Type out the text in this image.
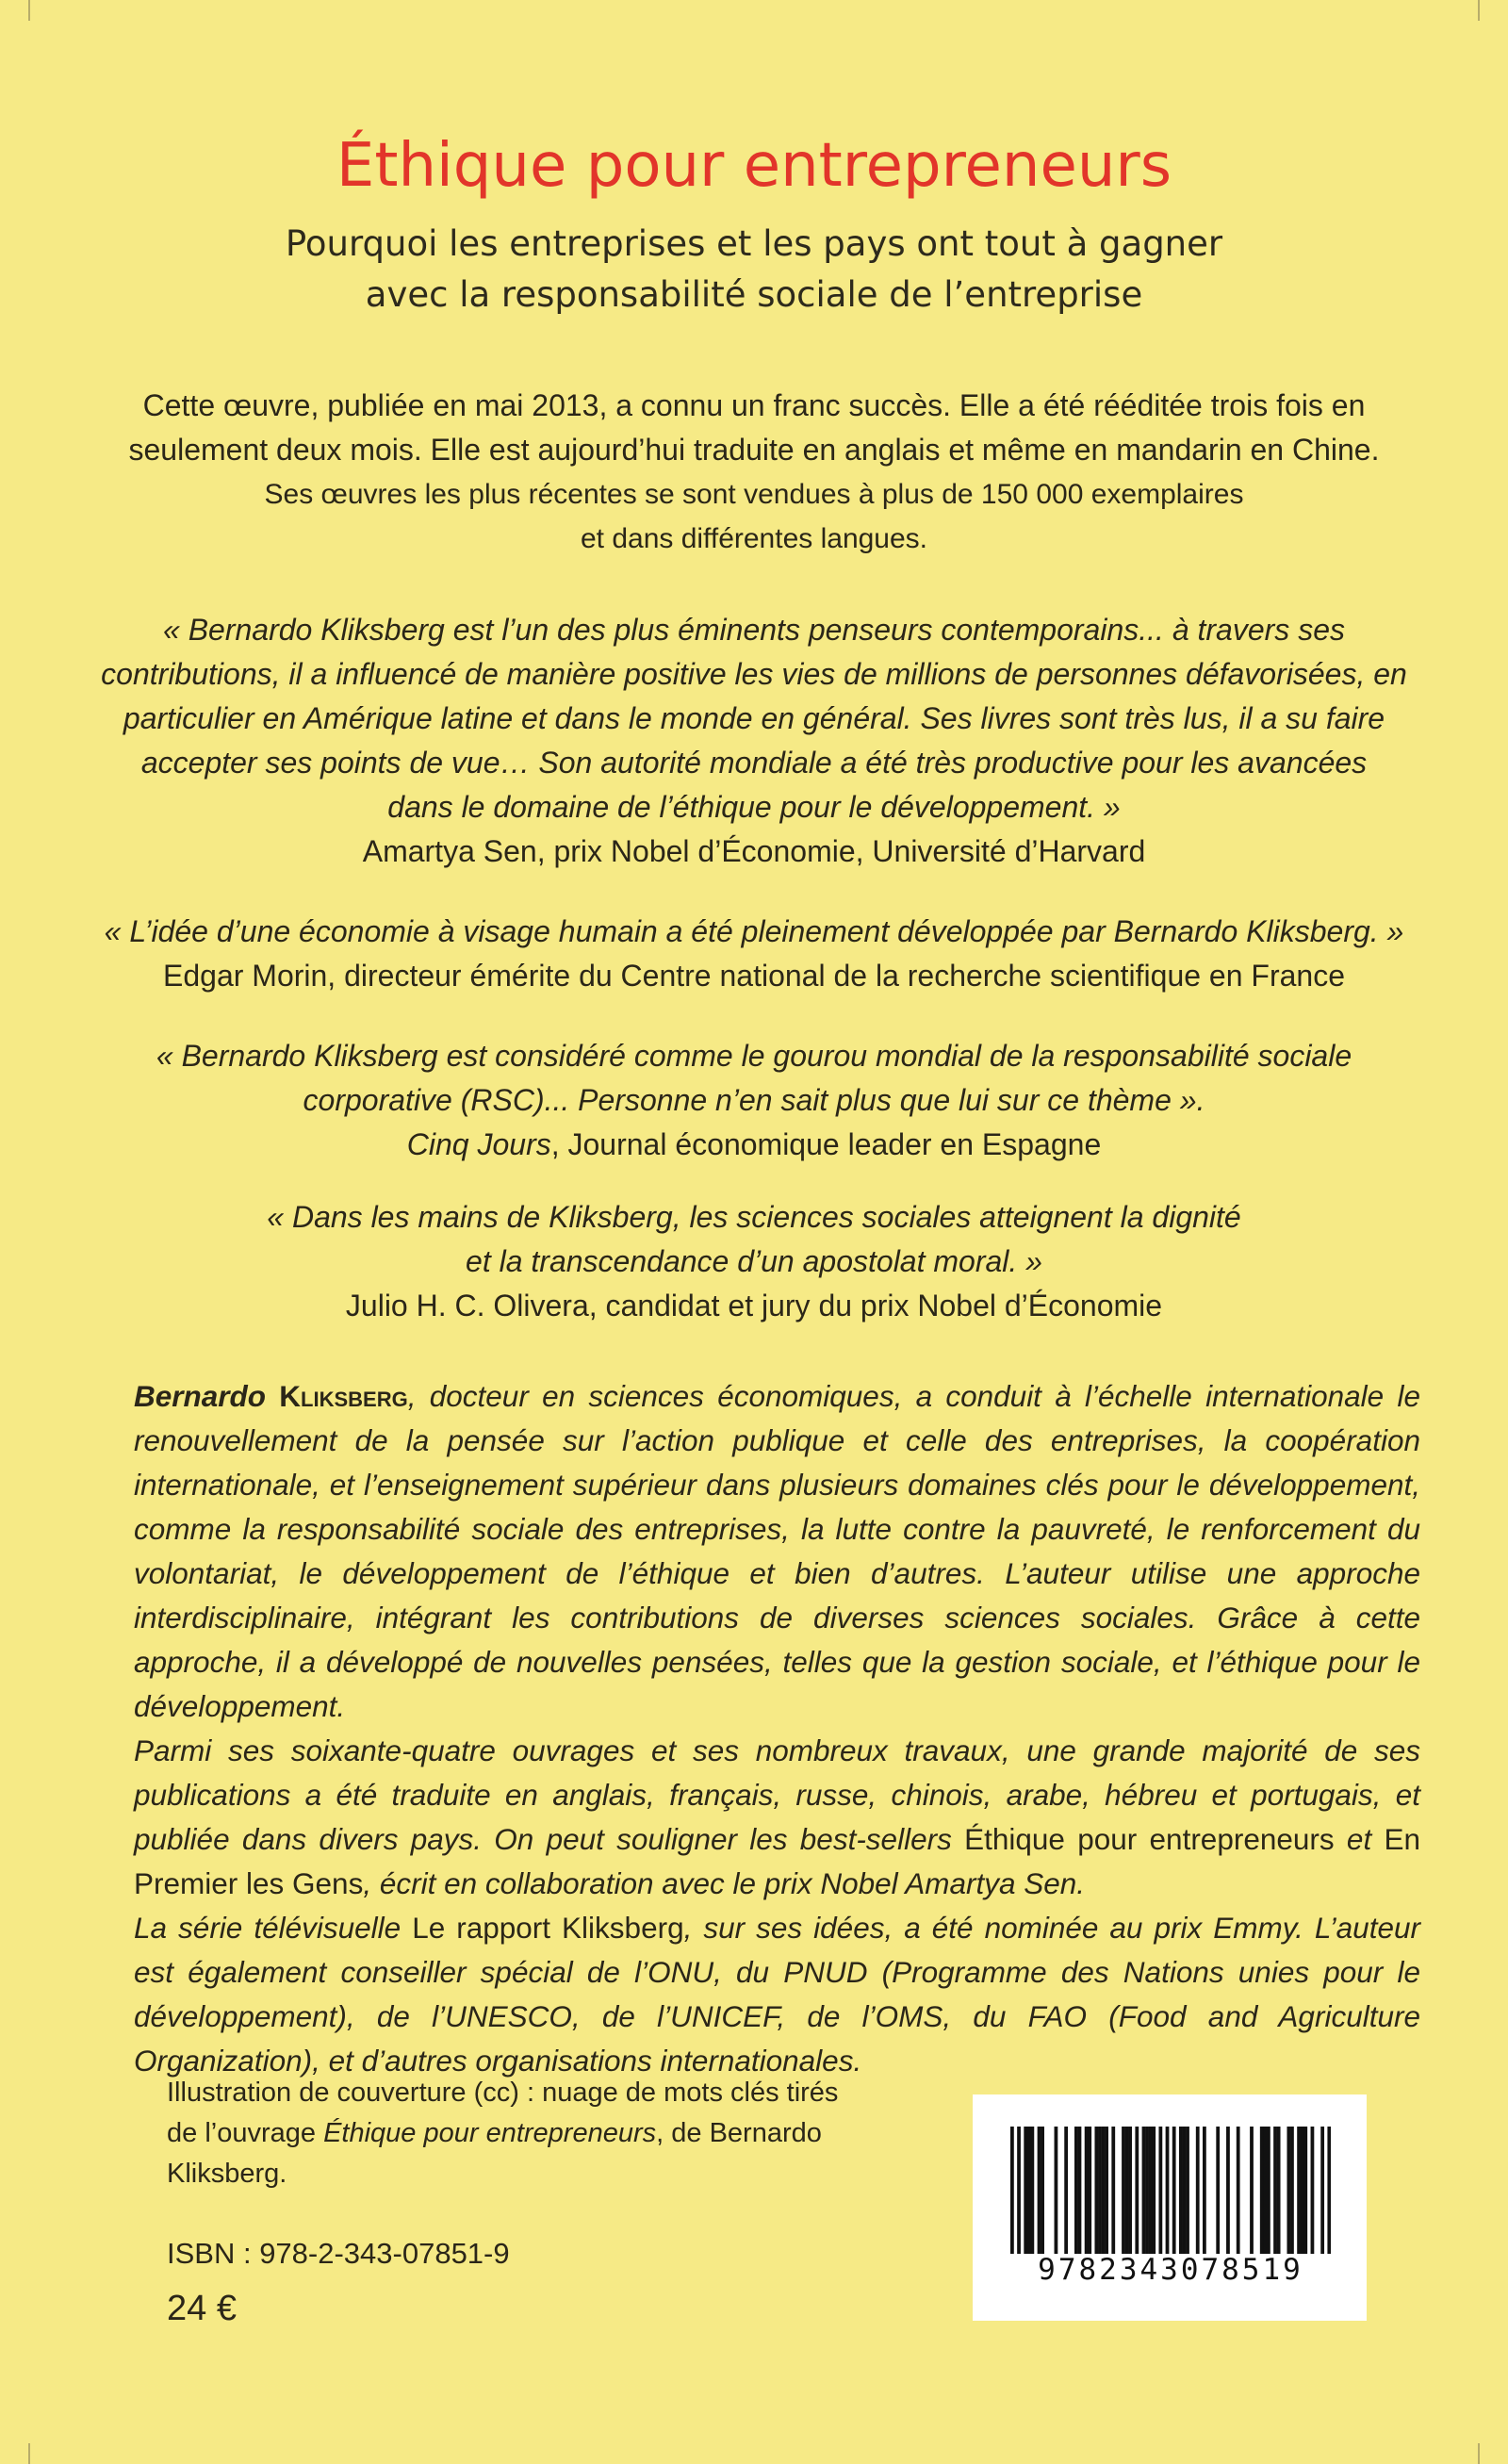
Éthique pour entrepreneurs
Pourquoi les entreprises et les pays ont tout à gagner
avec la responsabilité sociale de l’entreprise
Cette œuvre, publiée en mai 2013, a connu un franc succès. Elle a été rééditée trois fois en
seulement deux mois. Elle est aujourd’hui traduite en anglais et même en mandarin en Chine.
Ses œuvres les plus récentes se sont vendues à plus de 150 000 exemplaires
et dans différentes langues.
« Bernardo Kliksberg est l’un des plus éminents penseurs contemporains... à travers ses
contributions, il a influencé de manière positive les vies de millions de personnes défavorisées, en
particulier en Amérique latine et dans le monde en général. Ses livres sont très lus, il a su faire
accepter ses points de vue… Son autorité mondiale a été très productive pour les avancées
dans le domaine de l’éthique pour le développement. »
Amartya Sen, prix Nobel d’Économie, Université d’Harvard
« L’idée d’une économie à visage humain a été pleinement développée par Bernardo Kliksberg. »
Edgar Morin, directeur émérite du Centre national de la recherche scientifique en France
« Bernardo Kliksberg est considéré comme le gourou mondial de la responsabilité sociale
corporative (RSC)... Personne n’en sait plus que lui sur ce thème ».
Cinq Jours, Journal économique leader en Espagne
« Dans les mains de Kliksberg, les sciences sociales atteignent la dignité
et la transcendance d’un apostolat moral. »
Julio H. C. Olivera, candidat et jury du prix Nobel d’Économie

Bernardo Kliksberg, docteur en sciences économiques, a conduit à l’échelle internationale le renouvellement de la pensée sur l’action publique et celle des entreprises, la coopération internationale, et l’enseignement supérieur dans plusieurs domaines clés pour le développement, comme la responsabilité sociale des entreprises, la lutte contre la pauvreté, le renforcement du volontariat, le développement de l’éthique et bien d’autres. L’auteur utilise une approche interdisciplinaire, intégrant les contributions de diverses sciences sociales. Grâce à cette approche, il a développé de nouvelles pensées, telles que la gestion sociale, et l’éthique pour le développement.

Parmi ses soixante-quatre ouvrages et ses nombreux travaux, une grande majorité de ses publications a été traduite en anglais, français, russe, chinois, arabe, hébreu et portugais, et publiée dans divers pays. On peut souligner les best-sellers Éthique pour entrepreneurs et En Premier les Gens, écrit en collaboration avec le prix Nobel Amartya Sen.

La série télévisuelle Le rapport Kliksberg, sur ses idées, a été nominée au prix Emmy. L’auteur est également conseiller spécial de l’ONU, du PNUD (Programme des Nations unies pour le développement), de l’UNESCO, de l’UNICEF, de l’OMS, du FAO (Food and Agriculture Organization), et d’autres organisations internationales.

Illustration de couverture (cc) : nuage de mots clés tirés
de l’ouvrage Éthique pour entrepreneurs, de Bernardo
Kliksberg.
ISBN : 978-2-343-07851-9
24 €
9782343078519
